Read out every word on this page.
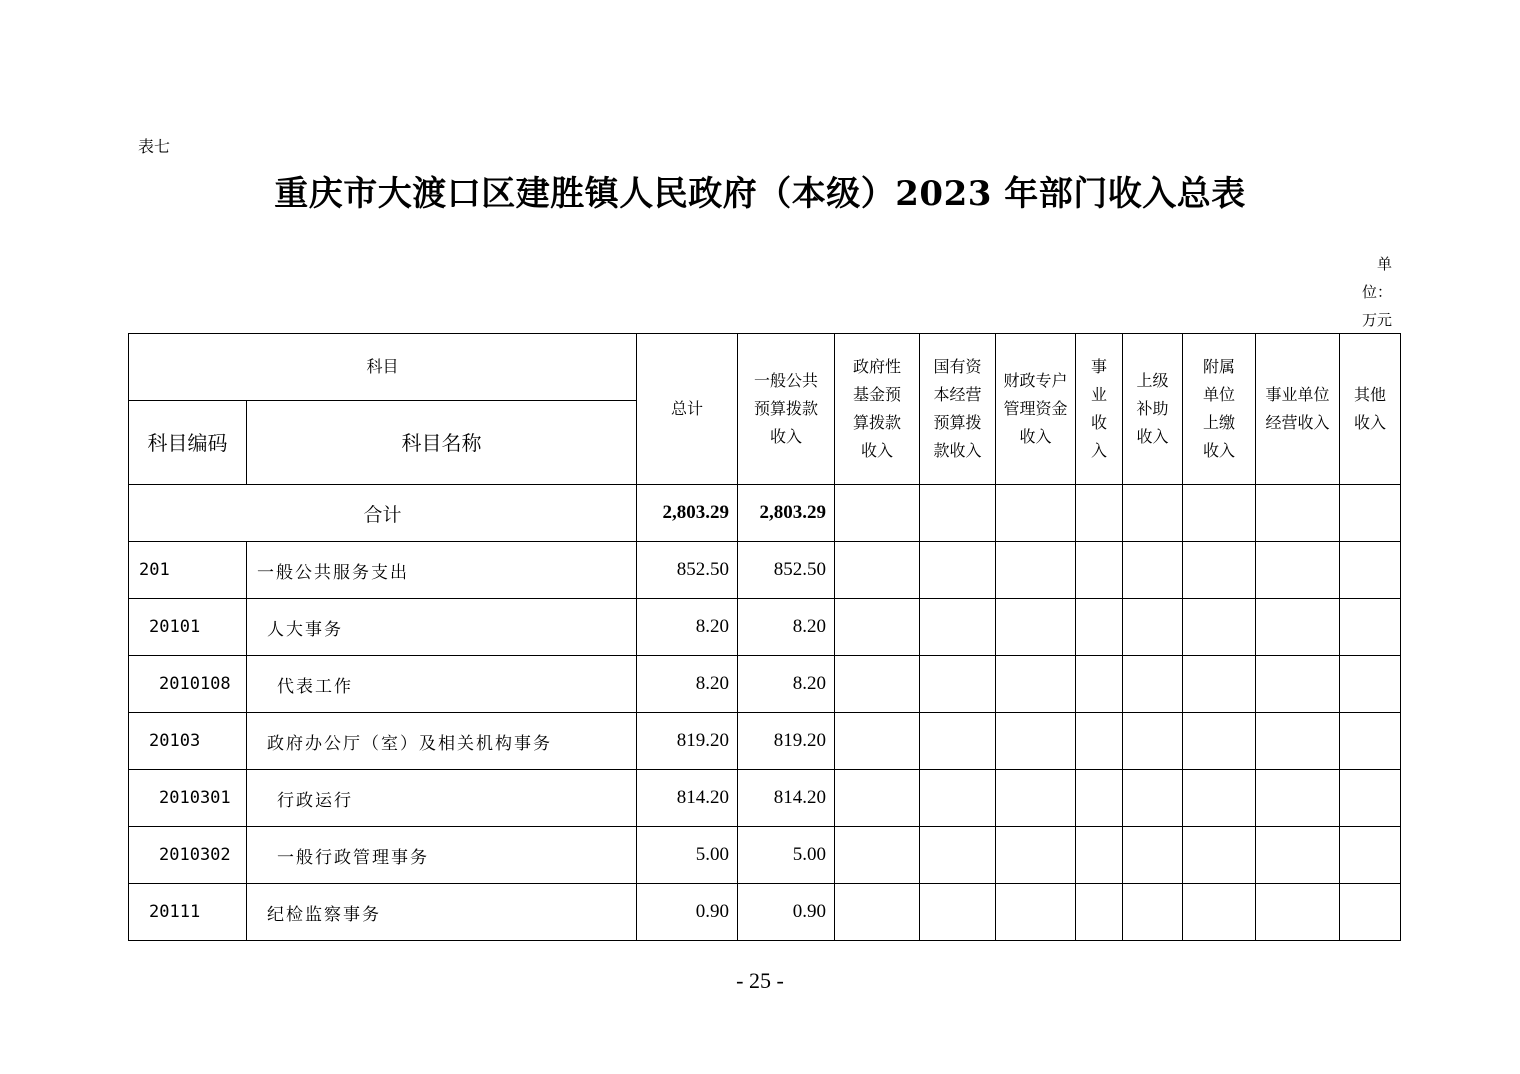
表七
重庆市大渡口区建胜镇人民政府（本级）2023 年部门收入总表
单
位：
万元
科目		总计	一般公共预算拨款收入	政府性基金预算拨款收入	国有资本经营预算拨款收入	财政专户管理资金收入	事业收入	上级补助收入	附属单位上缴收入	事业单位经营收入	其他收入

科目编码	科目名称										
合计		2,803.29	2,803.29								
201	一般公共服务支出	852.50	852.50								
20101	人大事务	8.20	8.20								
2010108	代表工作	8.20	8.20								
20103	政府办公厅（室）及相关机构事务	819.20	819.20								
2010301	行政运行	814.20	814.20								
2010302	一般行政管理事务	5.00	5.00								
20111	纪检监察事务	0.90	0.90								
- 25 -
